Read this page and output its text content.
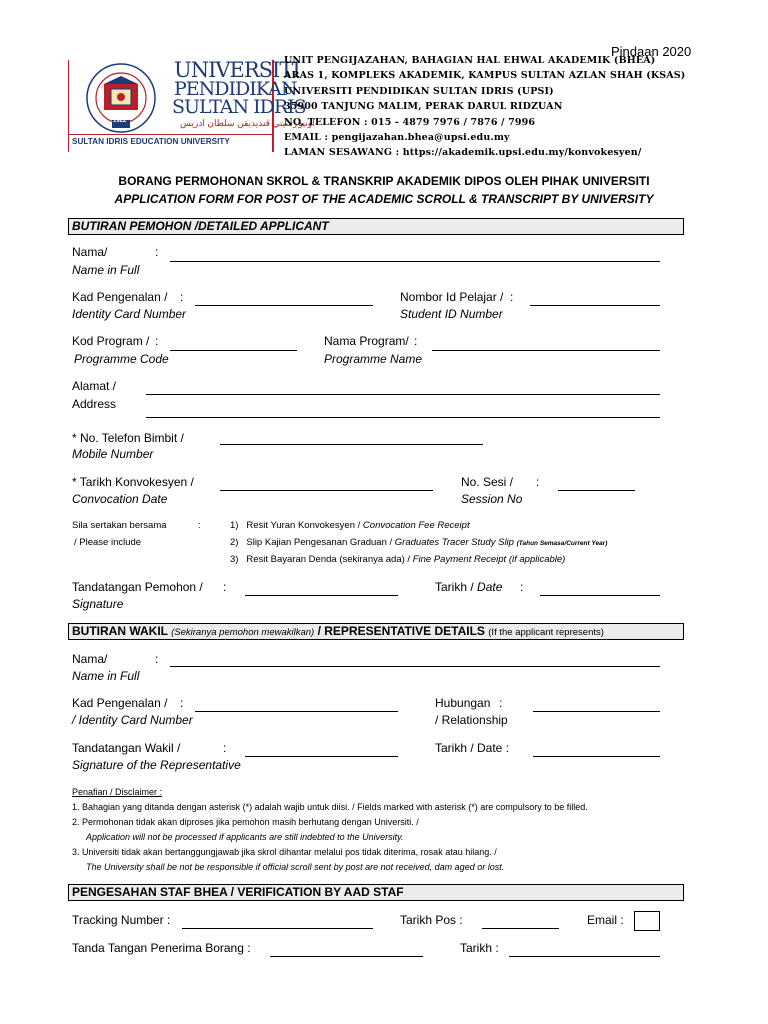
Pindaan 2020
1922
UNIVERSITI
PENDIDIKAN
SULTAN IDRIS
اونيۏرسيتي ڤنديديقن سلطان ادريس
SULTAN IDRIS EDUCATION UNIVERSITY
UNIT PENGIJAZAHAN, BAHAGIAN HAL EHWAL AKADEMIK (BHEA)
ARAS 1, KOMPLEKS AKADEMIK, KAMPUS SULTAN AZLAN SHAH (KSAS)
UNIVERSITI PENDIDIKAN SULTAN IDRIS (UPSI)
35900 TANJUNG MALIM, PERAK DARUL RIDZUAN
NO. TELEFON : 015 - 4879 7976 / 7876 / 7996
EMAIL : pengijazahan.bhea@upsi.edu.my
LAMAN SESAWANG : https://akademik.upsi.edu.my/konvokesyen/
BORANG PERMOHONAN SKROL & TRANSKRIP AKADEMIK DIPOS OLEH PIHAK UNIVERSITI
APPLICATION FORM FOR POST OF THE ACADEMIC SCROLL & TRANSCRIPT BY UNIVERSITY
BUTIRAN PEMOHON /DETAILED APPLICANT
Nama/	:
Name in Full
Kad Pengenalan / :
Identity Card Number
Nombor Id Pelajar / :
Student ID Number
Kod Program / :
Programme Code
Nama Program/ :
Programme Name
Alamat /
Address
* No. Telefon Bimbit /
Mobile Number
* Tarikh Konvokesyen /
Convocation Date
No. Sesi / :
Session No
Sila sertakan bersama	:
/ Please include
1) Resit Yuran Konvokesyen / Convocation Fee Receipt
2) Slip Kajian Pengesanan Graduan / Graduates Tracer Study Slip (Tahun Semasa/Current Year)
3) Resit Bayaran Denda (sekiranya ada) / Fine Payment Receipt (if applicable)
Tandatangan Pemohon / :
Signature
Tarikh / Date :
BUTIRAN WAKIL (Sekiranya pemohon mewakilkan) / REPRESENTATIVE DETAILS (If the applicant represents)
Nama/	:
Name in Full
Kad Pengenalan / :
/ Identity Card Number
Hubungan :
/ Relationship
Tandatangan Wakil /	:
Signature of the Representative
Tarikh / Date :
Penafian / Disclaimer :
1. Bahagian yang ditanda dengan asterisk (*) adalah wajib untuk diisi. / Fields marked with asterisk (*) are compulsory to be filled.
2. Permohonan tidak akan diproses jika pemohon masih berhutang dengan Universiti. /
Application will not be processed if applicants are still indebted to the University.
3. Universiti tidak akan bertanggungjawab jika skrol dihantar melalui pos tidak diterima, rosak atau hilang. /
The University shall be not be responsible if official scroll sent by post are not received, dam aged or lost.
PENGESAHAN STAF BHEA / VERIFICATION BY AAD STAF
Tracking Number :	Tarikh Pos :	Email :
Tanda Tangan Penerima Borang :	Tarikh :
